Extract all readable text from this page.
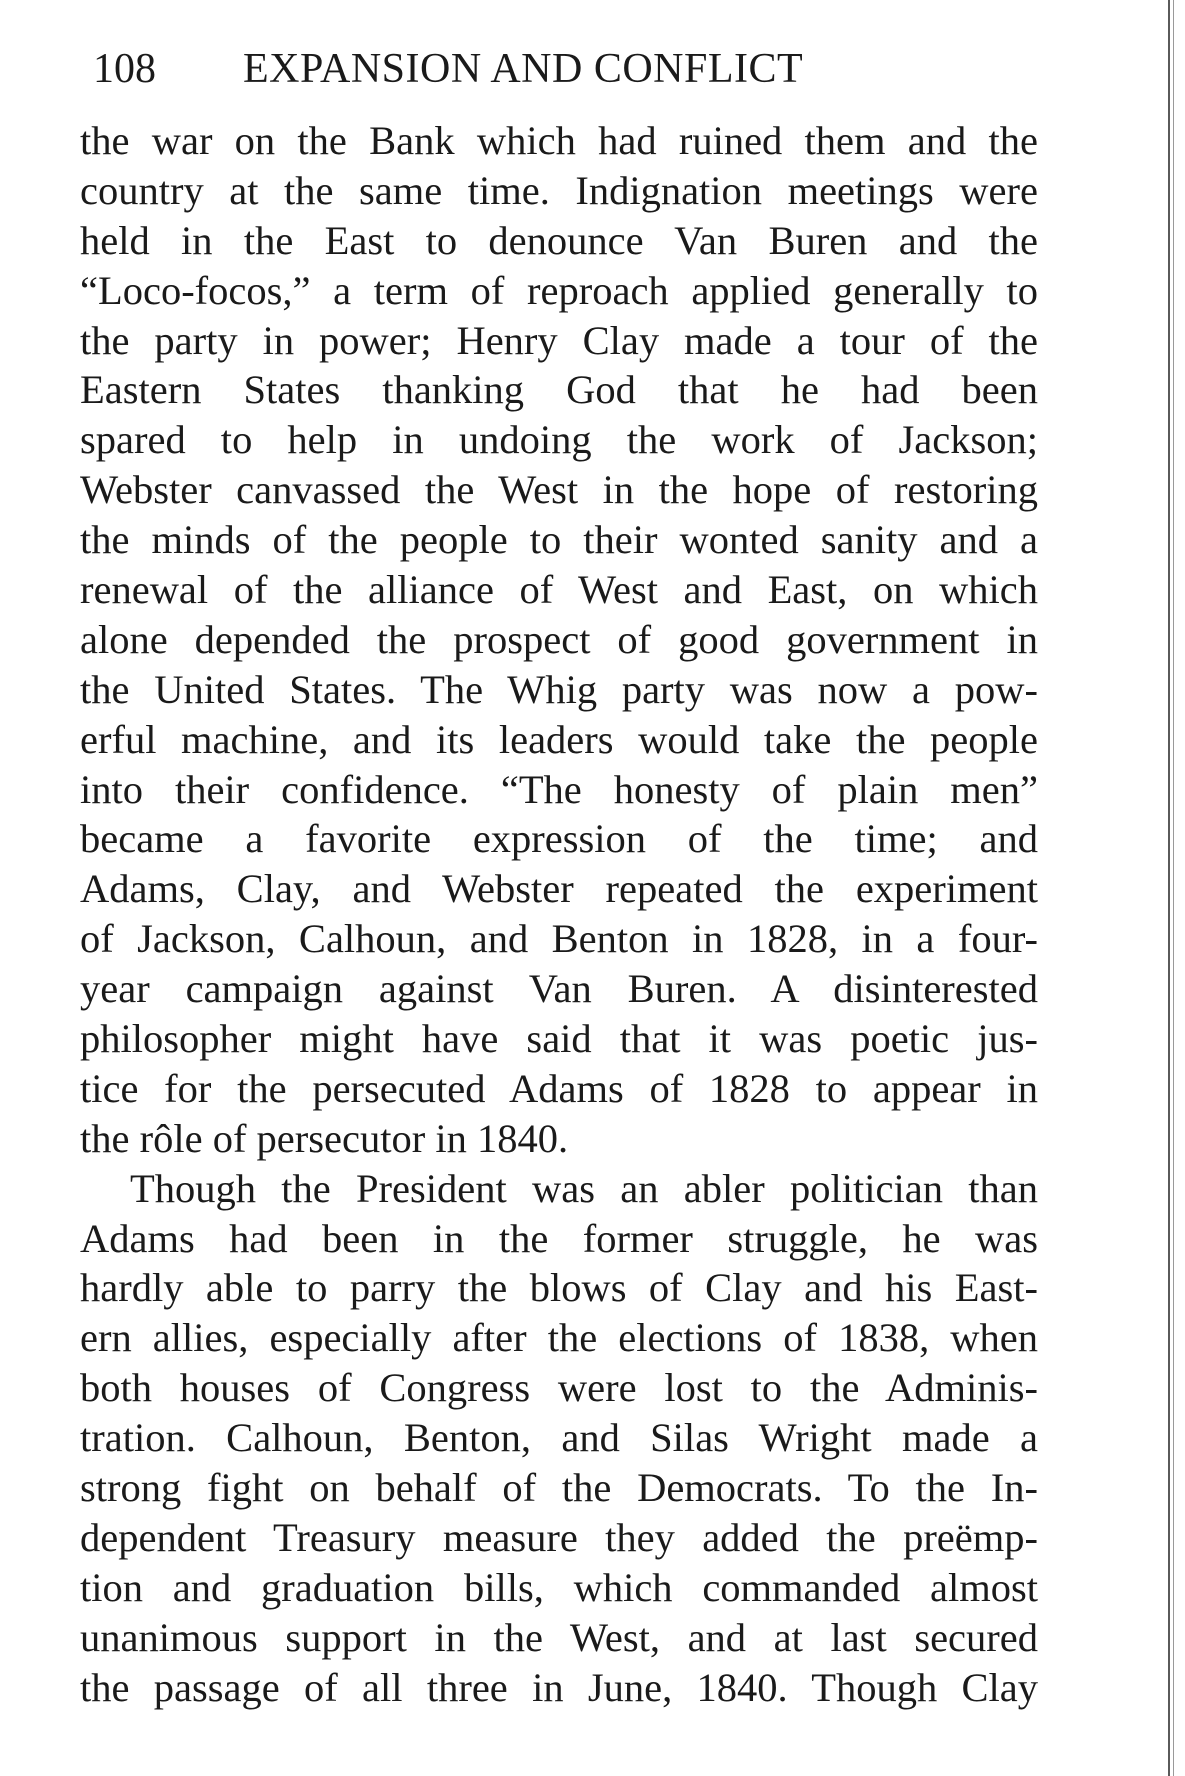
108 EXPANSION AND CONFLICT
the war on the Bank which had ruined them and the
country at the same time. Indignation meetings were
held in the East to denounce Van Buren and the
“Loco-focos,” a term of reproach applied generally to
the party in power; Henry Clay made a tour of the
Eastern States thanking God that he had been
spared to help in undoing the work of Jackson;
Webster canvassed the West in the hope of restoring
the minds of the people to their wonted sanity and a
renewal of the alliance of West and East, on which
alone depended the prospect of good government in
the United States. The Whig party was now a pow-
erful machine, and its leaders would take the people
into their confidence. “The honesty of plain men”
became a favorite expression of the time; and
Adams, Clay, and Webster repeated the experiment
of Jackson, Calhoun, and Benton in 1828, in a four-
year campaign against Van Buren. A disinterested
philosopher might have said that it was poetic jus-
tice for the persecuted Adams of 1828 to appear in
the rôle of persecutor in 1840.
Though the President was an abler politician than
Adams had been in the former struggle, he was
hardly able to parry the blows of Clay and his East-
ern allies, especially after the elections of 1838, when
both houses of Congress were lost to the Adminis-
tration. Calhoun, Benton, and Silas Wright made a
strong fight on behalf of the Democrats. To the In-
dependent Treasury measure they added the preëmp-
tion and graduation bills, which commanded almost
unanimous support in the West, and at last secured
the passage of all three in June, 1840. Though Clay
